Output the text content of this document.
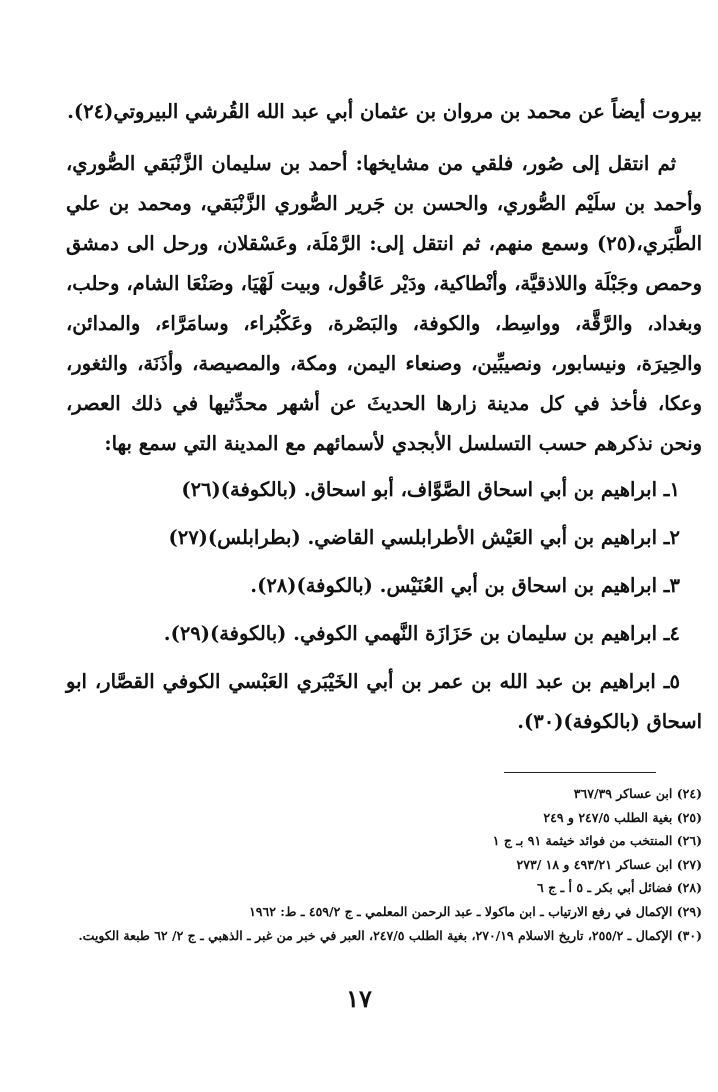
بيروت أيضاً عن محمد بن مروان بن عثمان أبي عبد الله القُرشي البيروتي(٢٤).

ثم انتقل إلى صُور، فلقي من مشايخها: أحمد بن سليمان الزَّنْبَقي الصُّوري، وأحمد بن سلَيْم الصُّوري، والحسن بن جَرير الصُّوري الزَّنْبَقي، ومحمد بن علي الطَّبَري،(٢٥) وسمع منهم، ثم انتقل إلى: الرَّمْلَة، وعَسْقلان، ورحل الى دمشق وحمص وجَبْلَة واللاذقيَّة، وأنْطاكية، ودَيْر عَاقُول، وبيت لَهْيَا، وصَنْعَا الشام، وحلب، وبغداد، والرَّقَّة، وواسِط، والكوفة، والبَصْرة، وعَكْبُراء، وسامَرَّاء، والمدائن، والحِيرَة، ونيسابور، ونصيبِّين، وصنعاء اليمن، ومكة، والمصيصة، وأذَنَة، والثغور، وعكا، فأخذ في كل مدينة زارها الحديثَ عن أشهر محدِّثيها في ذلك العصر، ونحن نذكرهم حسب التسلسل الأبجدي لأسمائهم مع المدينة التي سمع بها:

١ـ ابراهيم بن أبي اسحاق الصَّوَّاف، أبو اسحاق. (بالكوفة)(٢٦)

٢ـ ابراهيم بن أبي العَيْش الأطرابلسي القاضي. (بطرابلس)(٢٧)

٣ـ ابراهيم بن اسحاق بن أبي العُنَيْس. (بالكوفة)(٢٨).

٤ـ ابراهيم بن سليمان بن حَزَازَة النَّهمي الكوفي. (بالكوفة)(٢٩).

٥ـ ابراهيم بن عبد الله بن عمر بن أبي الخَيْبَري العَبْسي الكوفي القصَّار، ابو اسحاق (بالكوفة)(٣٠).

(٢٤) ابن عساكر ٣٦٧/٣٩

(٢٥) بغية الطلب ٢٤٧/٥ و ٢٤٩

(٢٦) المنتخب من فوائد خيثمة ٩١ بـ ج ١

(٢٧) ابن عساكر ٤٩٣/٢١ و ١٨ /٢٧٣

(٢٨) فضائل أبي بكر ـ ٥ أ ـ ج ٦

(٢٩) الإكمال في رفع الارتياب ـ ابن ماكولا ـ عبد الرحمن المعلمي ـ ج ٤٥٩/٢ ـ ط: ١٩٦٢

(٣٠) الإكمال ـ ٢٥٥/٢، تاريخ الاسلام ٢٧٠/١٩، بغية الطلب ٢٤٧/٥، العبر في خبر من غبر ـ الذهبي ـ ج ٢/ ٦٢ طبعة الكويت.

١٧
